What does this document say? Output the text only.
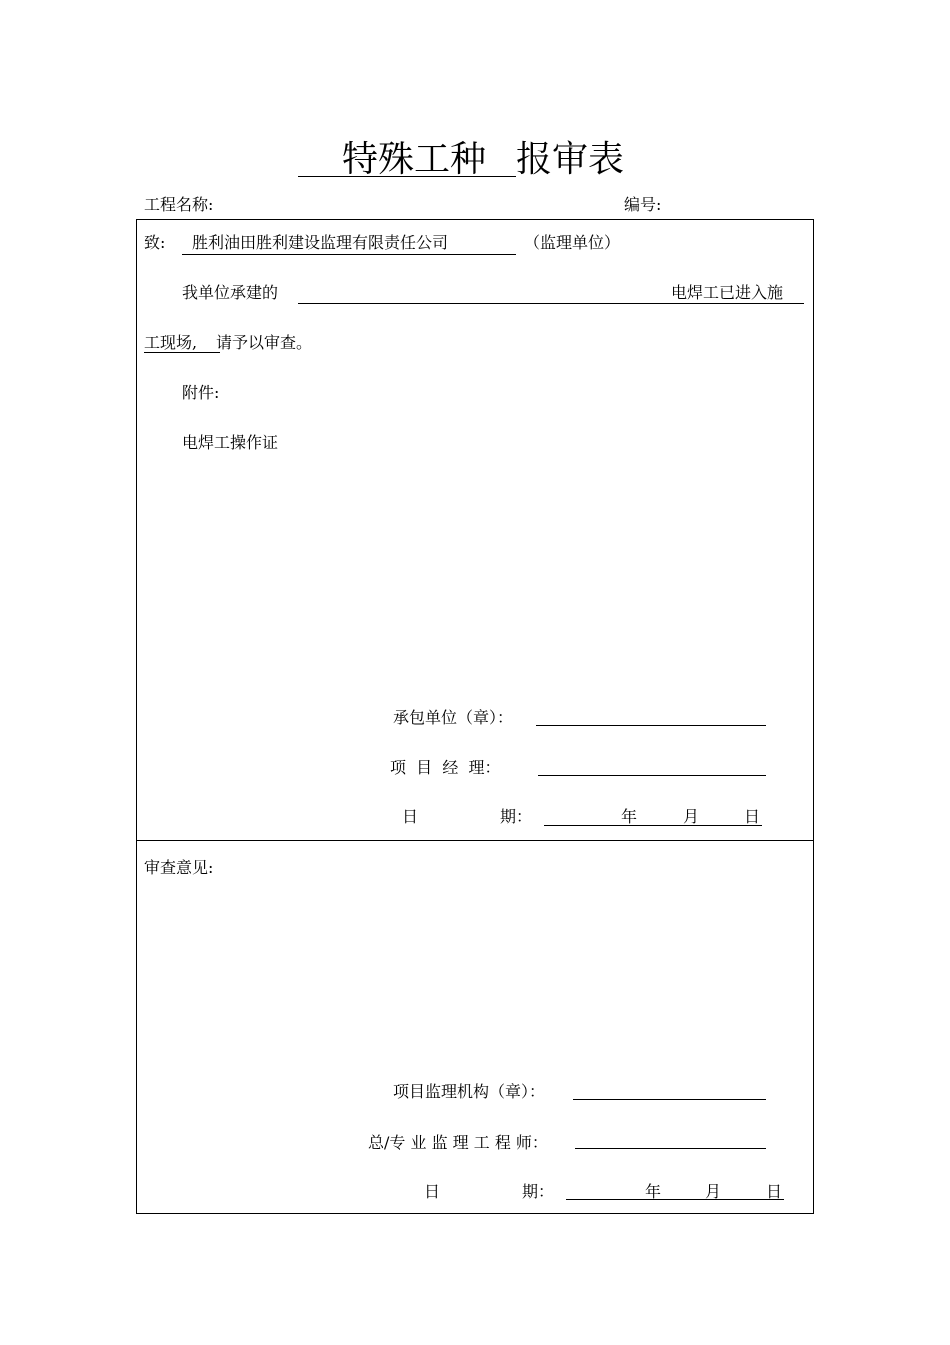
特殊工种 报审表
工程名称:	编号:
致: 胜利油田胜利建设监理有限责任公司	（监理单位）
我单位承建的	电焊工已进入施
工现场, 请予以审查。
附件:
电焊工操作证
承包单位（章）：
项  目  经  理：
日	期：	年	月	日
审查意见:
项目监理机构（章）：
总/专 业 监 理 工 程 师：
日	期：	年	月	日
